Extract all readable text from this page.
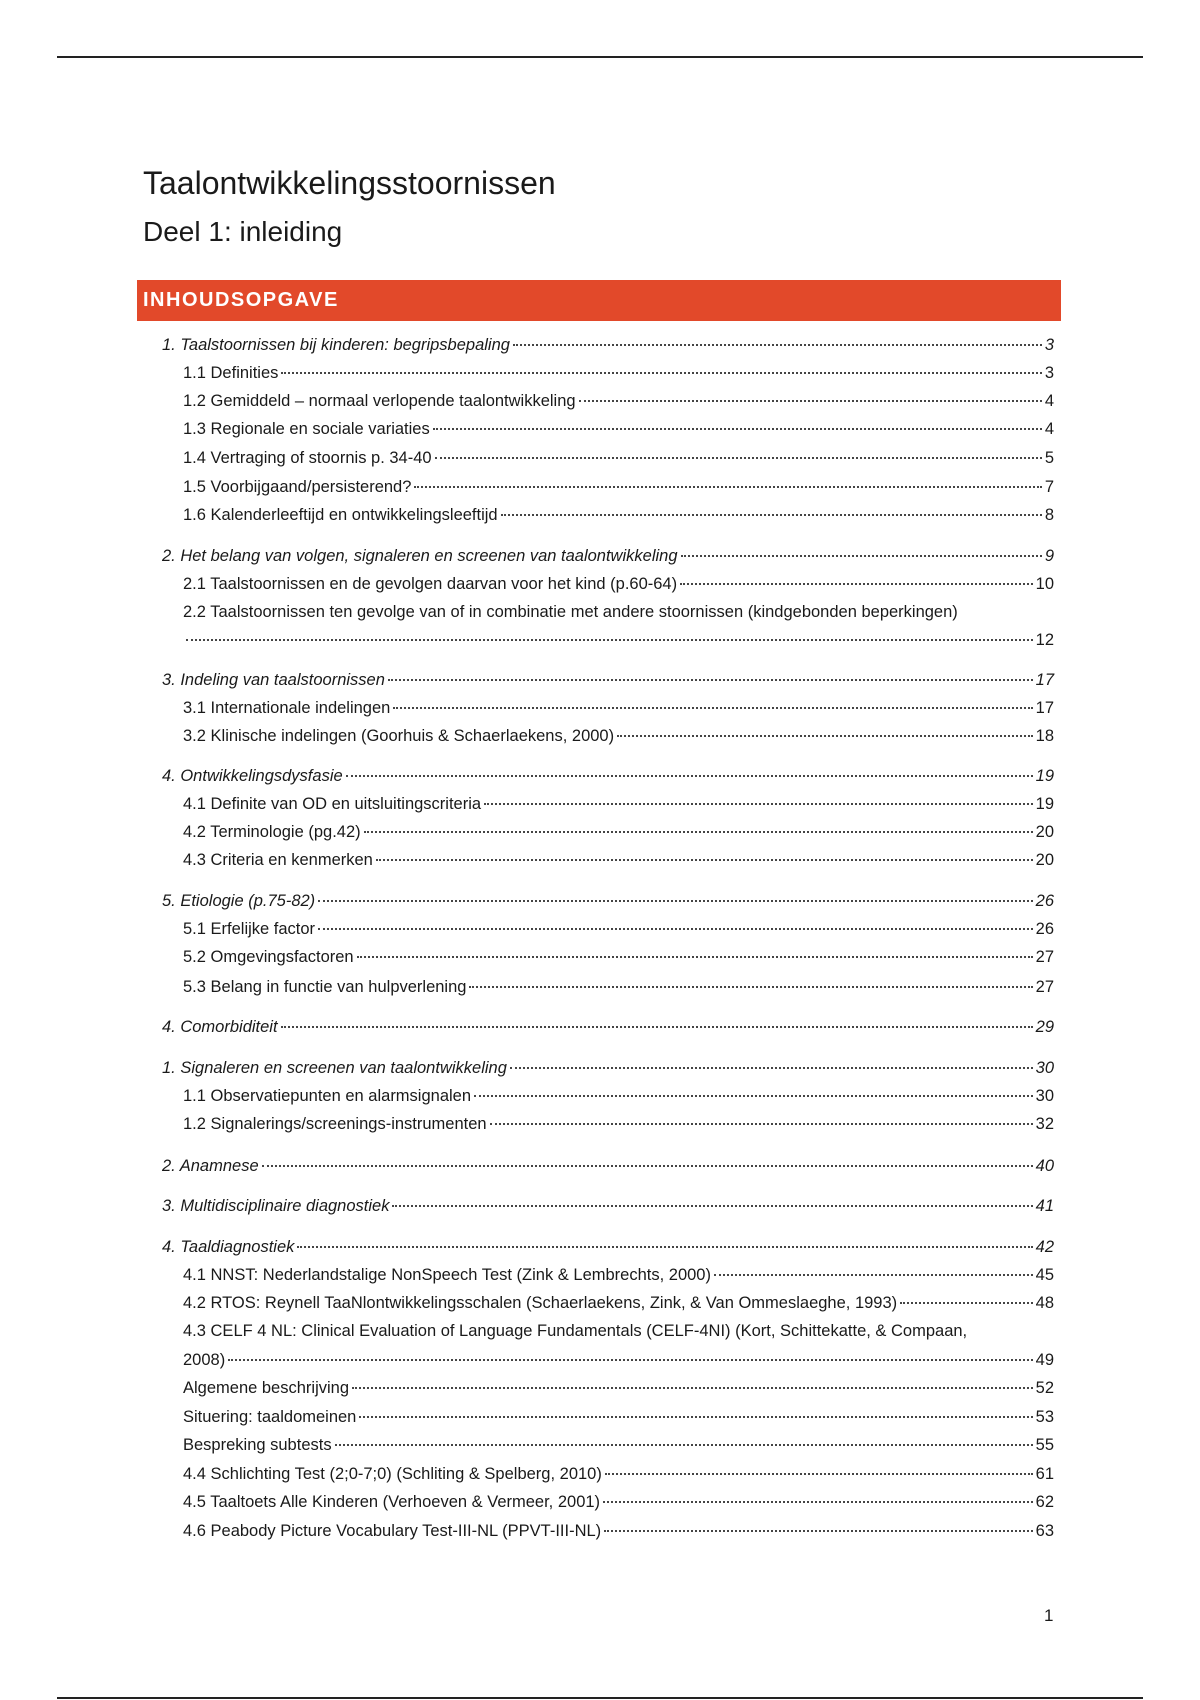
Taalontwikkelingsstoornissen
Deel 1: inleiding
INHOUDSOPGAVE
1. Taalstoornissen bij kinderen: begripsbepaling	3
1.1 Definities	3
1.2 Gemiddeld – normaal verlopende taalontwikkeling	4
1.3 Regionale en sociale variaties	4
1.4 Vertraging of stoornis p. 34-40	5
1.5 Voorbijgaand/persisterend?	7
1.6 Kalenderleeftijd en ontwikkelingsleeftijd	8
2. Het belang van volgen, signaleren en screenen van taalontwikkeling	9
2.1 Taalstoornissen en de gevolgen daarvan voor het kind (p.60-64)	10
2.2 Taalstoornissen ten gevolge van of in combinatie met andere stoornissen (kindgebonden beperkingen)
12
3. Indeling van taalstoornissen	17
3.1 Internationale indelingen	17
3.2 Klinische indelingen (Goorhuis & Schaerlaekens, 2000)	18
4. Ontwikkelingsdysfasie	19
4.1 Definite van OD en uitsluitingscriteria	19
4.2 Terminologie (pg.42)	20
4.3 Criteria en kenmerken	20
5. Etiologie (p.75-82)	26
5.1 Erfelijke factor	26
5.2 Omgevingsfactoren	27
5.3 Belang in functie van hulpverlening	27
4. Comorbiditeit	29
1. Signaleren en screenen van taalontwikkeling	30
1.1 Observatiepunten en alarmsignalen	30
1.2 Signalerings/screenings-instrumenten	32
2. Anamnese	40
3. Multidisciplinaire diagnostiek	41
4. Taaldiagnostiek	42
4.1 NNST: Nederlandstalige NonSpeech Test (Zink & Lembrechts, 2000)	45
4.2 RTOS: Reynell TaaNlontwikkelingsschalen (Schaerlaekens, Zink, & Van Ommeslaeghe, 1993)	48
4.3 CELF 4 NL: Clinical Evaluation of Language Fundamentals (CELF-4NI) (Kort, Schittekatte, & Compaan,
2008)	49
Algemene beschrijving	52
Situering: taaldomeinen	53
Bespreking subtests	55
4.4 Schlichting Test (2;0-7;0) (Schliting & Spelberg, 2010)	61
4.5 Taaltoets Alle Kinderen (Verhoeven & Vermeer, 2001)	62
4.6 Peabody Picture Vocabulary Test-III-NL (PPVT-III-NL)	63
1
